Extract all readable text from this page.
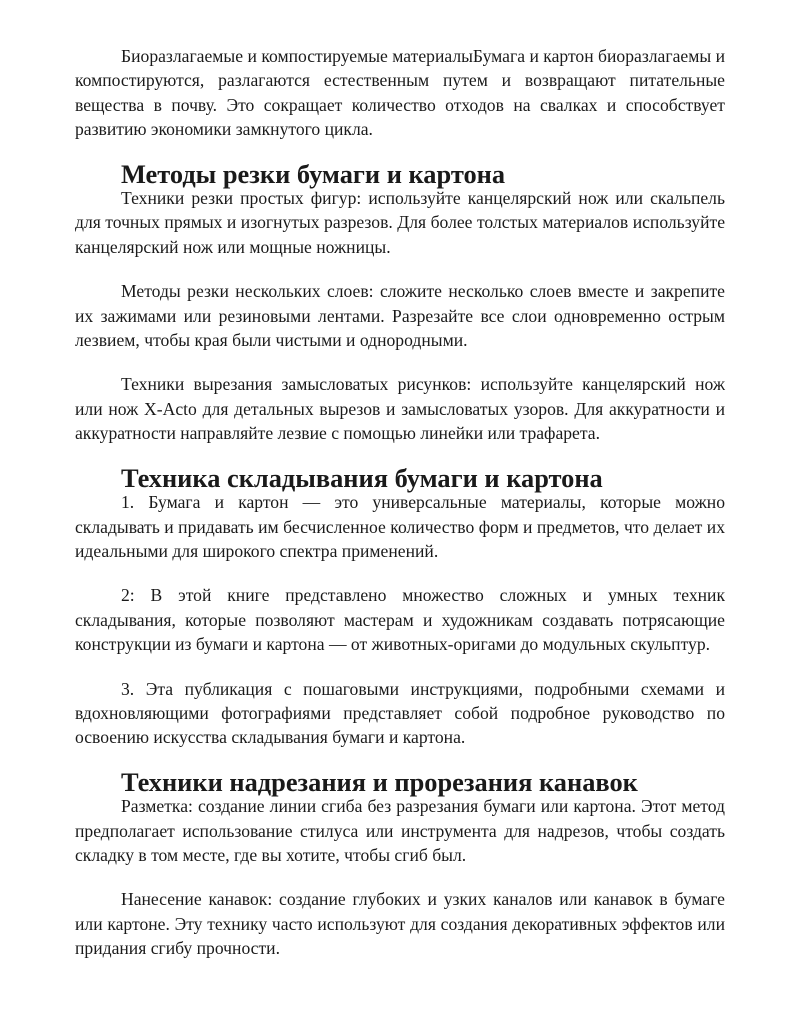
Биоразлагаемые и компостируемые материалыБумага и картон биоразлагаемы и компостируются, разлагаются естественным путем и возвращают питательные вещества в почву. Это сокращает количество отходов на свалках и способствует развитию экономики замкнутого цикла.

Методы резки бумаги и картона

Техники резки простых фигур: используйте канцелярский нож или скальпель для точных прямых и изогнутых разрезов. Для более толстых материалов используйте канцелярский нож или мощные ножницы.

Методы резки нескольких слоев: сложите несколько слоев вместе и закрепите их зажимами или резиновыми лентами. Разрезайте все слои одновременно острым лезвием, чтобы края были чистыми и однородными.

Техники вырезания замысловатых рисунков: используйте канцелярский нож или нож X-Acto для детальных вырезов и замысловатых узоров. Для аккуратности и аккуратности направляйте лезвие с помощью линейки или трафарета.

Техника складывания бумаги и картона

1. Бумага и картон — это универсальные материалы, которые можно складывать и придавать им бесчисленное количество форм и предметов, что делает их идеальными для широкого спектра применений.

2: В этой книге представлено множество сложных и умных техник складывания, которые позволяют мастерам и художникам создавать потрясающие конструкции из бумаги и картона — от животных-оригами до модульных скульптур.

3. Эта публикация с пошаговыми инструкциями, подробными схемами и вдохновляющими фотографиями представляет собой подробное руководство по освоению искусства складывания бумаги и картона.

Техники надрезания и прорезания канавок

Разметка: создание линии сгиба без разрезания бумаги или картона. Этот метод предполагает использование стилуса или инструмента для надрезов, чтобы создать складку в том месте, где вы хотите, чтобы сгиб был.

Нанесение канавок: создание глубоких и узких каналов или канавок в бумаге или картоне. Эту технику часто используют для создания декоративных эффектов или придания сгибу прочности.
